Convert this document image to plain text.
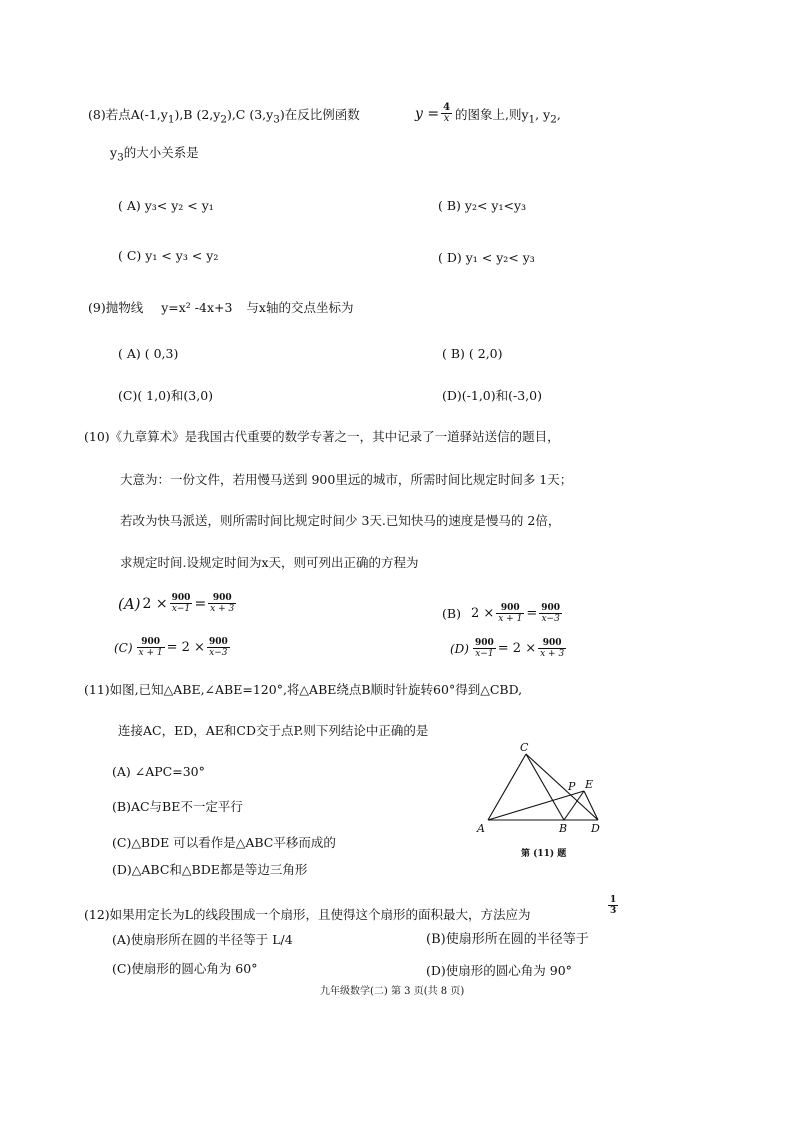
(8)若点$A(-1,y_1),B$ $(2,y_2),C$ $(3,y_3)$在反比例函数	$y = \frac{4}{x}$ 的图象上,则$y_1$, $y_2$,
$y_3$的大小关系是
( A) y₃< y₂ < y₁	( B) y₂< y₁<y₃
( C) y₁ < y₃ < y₂	( D) y₁ < y₂< y₃
(9)抛物线 y=x² -4x+3 与x轴的交点坐标为
( A) ( 0,3)	( B) ( 2,0)
(C)( 1,0)和(3,0)	(D)(-1,0)和(-3,0)
(10)《九章算术》是我国古代重要的数学专著之一，其中记录了一道驿站送信的题目，
大意为：一份文件，若用慢马送到 900里远的城市，所需时间比规定时间多 1天；
若改为快马派送，则所需时间比规定时间少 3天.已知快马的速度是慢马的 2倍，
求规定时间.设规定时间为x天，则可列出正确的方程为
(A) $2 \times \frac{900}{x-1} = \frac{900}{x + 3}$	(B) $2 \times \frac{900}{x + 1} = \frac{900}{x-3}$
$(C) \frac{900}{x + 1} = 2 \times \frac{900}{x-3}$	$(D) \frac{900}{x-1} = 2 \times \frac{900}{x + 3}$
(11)如图,已知△ABE,∠ABE=120°,将△ABE绕点B顺时针旋转60°得到△CBD,
连接AC，ED，AE和CD交于点P.则下列结论中正确的是
(A) ∠APC=30°
(B)AC与BE不一定平行
(C)△BDE 可以看作是△ABC平移而成的
(D)△ABC和△BDE都是等边三角形
A	B
C
D
E
P
第 (11) 题
(12)如果用定长为L的线段围成一个扇形，且使得这个扇形的面积最大，方法应为	$\frac{1}{3}$
(A)使扇形所在圆的半径等于 L/4	(B)使扇形所在圆的半径等于
(C)使扇形的圆心角为 60°	(D)使扇形的圆心角为 90°
九年级数学(二) 第 3 页(共 8 页)
